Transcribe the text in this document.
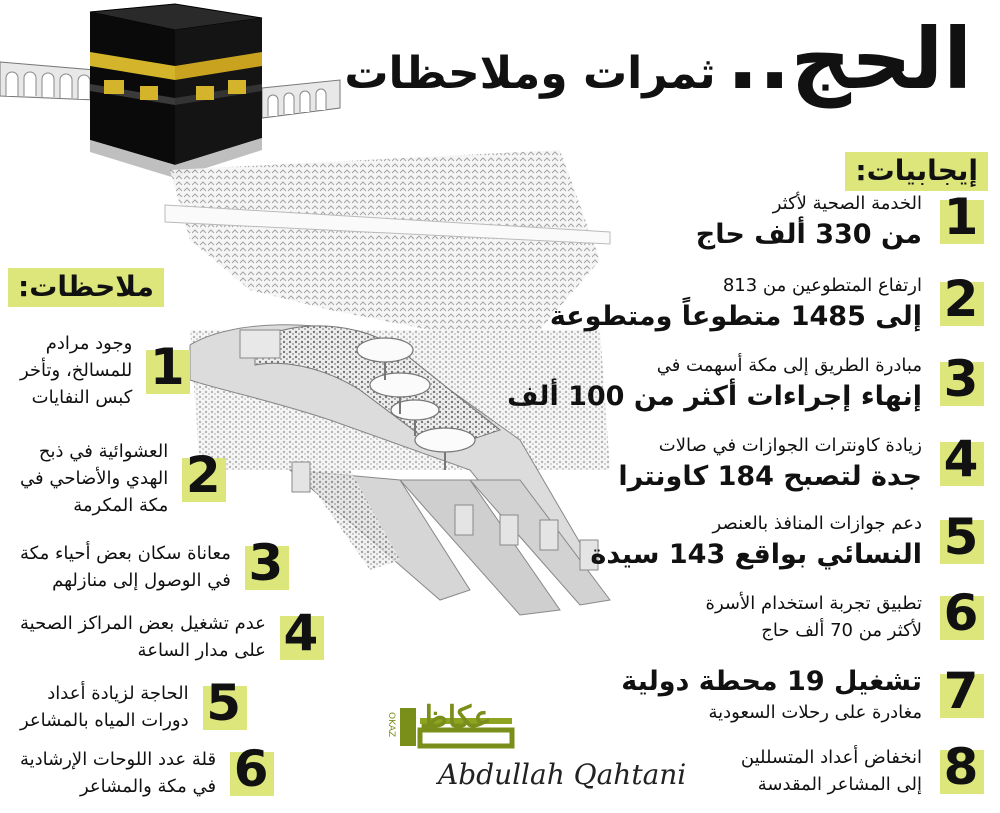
الحج.. ثمرات وملاحظات
إيجابيات:
ملاحظات:
1
الخدمة الصحية لأكثر
من 330 ألف حاج
2
ارتفاع المتطوعين من 813
إلى 1485 متطوعاً ومتطوعة
3
مبادرة الطريق إلى مكة أسهمت في
إنهاء إجراءات أكثر من 100 ألف
4
زيادة كاونترات الجوازات في صالات
جدة لتصبح 184 كاونترا
5
دعم جوازات المنافذ بالعنصر
النسائي بواقع 143 سيدة
6
تطبيق تجربة استخدام الأسرة
لأكثر من 70 ألف حاج
7
تشغيل 19 محطة دولية
مغادرة على رحلات السعودية
8
انخفاض أعداد المتسللين
إلى المشاعر المقدسة
1
وجود مرادم
للمسالخ، وتأخر
كبس النفايات
2
العشوائية في ذبح
الهدي والأضاحي في
مكة المكرمة
3
معاناة سكان بعض أحياء مكة
في الوصول إلى منازلهم
4
عدم تشغيل بعض المراكز الصحية
على مدار الساعة
5
الحاجة لزيادة أعداد
دورات المياه بالمشاعر
6
قلة عدد اللوحات الإرشادية
في مكة والمشاعر
عكاظ
OKAZ
Abdullah Qahtani
